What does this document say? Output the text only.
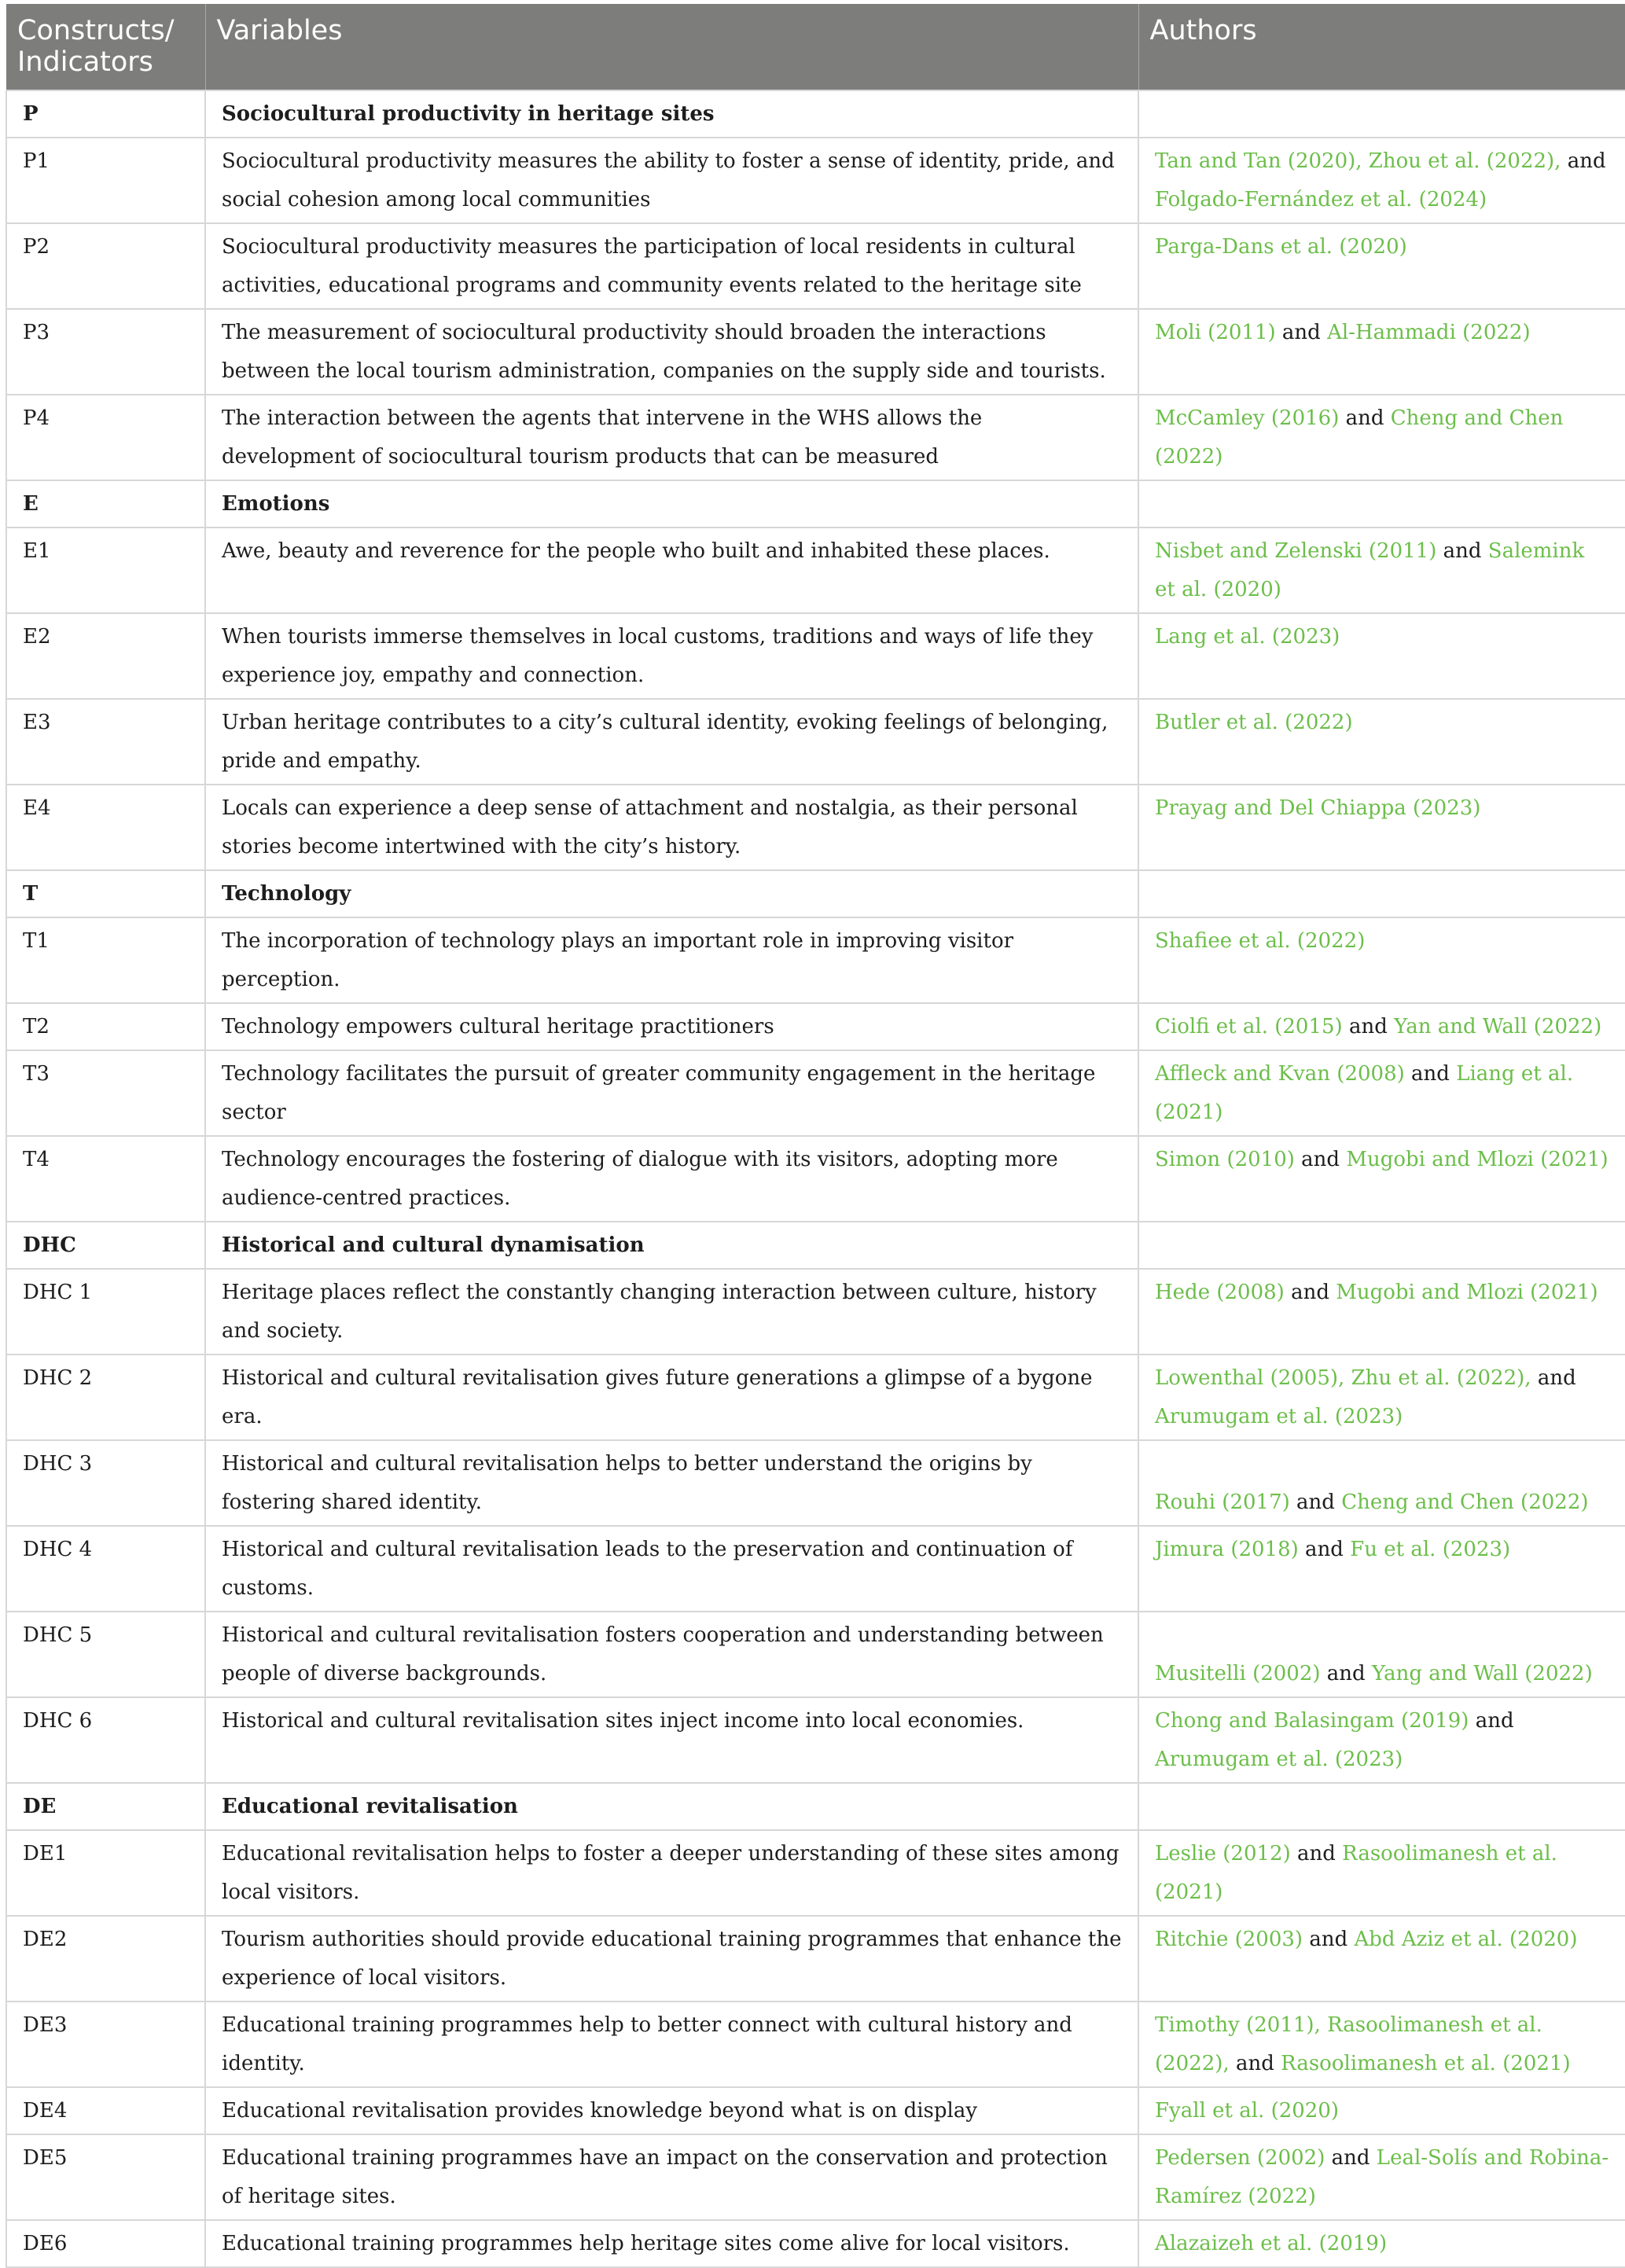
Constructs/
Indicators	Variables	Authors
P	Sociocultural productivity in heritage sites	
P1	Sociocultural productivity measures the ability to foster a sense of identity, pride, and social cohesion among local communities	Tan and Tan (2020), Zhou et al. (2022), and Folgado-Fernández et al. (2024)
P2	Sociocultural productivity measures the participation of local residents in cultural activities, educational programs and community events related to the heritage site	Parga-Dans et al. (2020)
P3	The measurement of sociocultural productivity should broaden the interactions between the local tourism administration, companies on the supply side and tourists.	Moli (2011) and Al-Hammadi (2022)
P4	The interaction between the agents that intervene in the WHS allows the development of sociocultural tourism products that can be measured	McCamley (2016) and Cheng and Chen (2022)
E	Emotions	
E1	Awe, beauty and reverence for the people who built and inhabited these places.	Nisbet and Zelenski (2011) and Salemink et al. (2020)
E2	When tourists immerse themselves in local customs, traditions and ways of life they experience joy, empathy and connection.	Lang et al. (2023)
E3	Urban heritage contributes to a city’s cultural identity, evoking feelings of belonging, pride and empathy.	Butler et al. (2022)
E4	Locals can experience a deep sense of attachment and nostalgia, as their personal stories become intertwined with the city’s history.	Prayag and Del Chiappa (2023)
T	Technology	
T1	The incorporation of technology plays an important role in improving visitor perception.	Shafiee et al. (2022)
T2	Technology empowers cultural heritage practitioners	Ciolfi et al. (2015) and Yan and Wall (2022)
T3	Technology facilitates the pursuit of greater community engagement in the heritage sector	Affleck and Kvan (2008) and Liang et al. (2021)
T4	Technology encourages the fostering of dialogue with its visitors, adopting more audience-centred practices.	Simon (2010) and Mugobi and Mlozi (2021)
DHC	Historical and cultural dynamisation	
DHC 1	Heritage places reflect the constantly changing interaction between culture, history and society.	Hede (2008) and Mugobi and Mlozi (2021)
DHC 2	Historical and cultural revitalisation gives future generations a glimpse of a bygone era.	Lowenthal (2005), Zhu et al. (2022), and Arumugam et al. (2023)
DHC 3	Historical and cultural revitalisation helps to better understand the origins by fostering shared identity.	Rouhi (2017) and Cheng and Chen (2022)
DHC 4	Historical and cultural revitalisation leads to the preservation and continuation of customs.	Jimura (2018) and Fu et al. (2023)
DHC 5	Historical and cultural revitalisation fosters cooperation and understanding between people of diverse backgrounds.	Musitelli (2002) and Yang and Wall (2022)
DHC 6	Historical and cultural revitalisation sites inject income into local economies.	Chong and Balasingam (2019) and Arumugam et al. (2023)
DE	Educational revitalisation	
DE1	Educational revitalisation helps to foster a deeper understanding of these sites among local visitors.	Leslie (2012) and Rasoolimanesh et al. (2021)
DE2	Tourism authorities should provide educational training programmes that enhance the experience of local visitors.	Ritchie (2003) and Abd Aziz et al. (2020)
DE3	Educational training programmes help to better connect with cultural history and identity.	Timothy (2011), Rasoolimanesh et al. (2022), and Rasoolimanesh et al. (2021)
DE4	Educational revitalisation provides knowledge beyond what is on display	Fyall et al. (2020)
DE5	Educational training programmes have an impact on the conservation and protection of heritage sites.	Pedersen (2002) and Leal-Solís and Robina-Ramírez (2022)
DE6	Educational training programmes help heritage sites come alive for local visitors.	Alazaizeh et al. (2019)
